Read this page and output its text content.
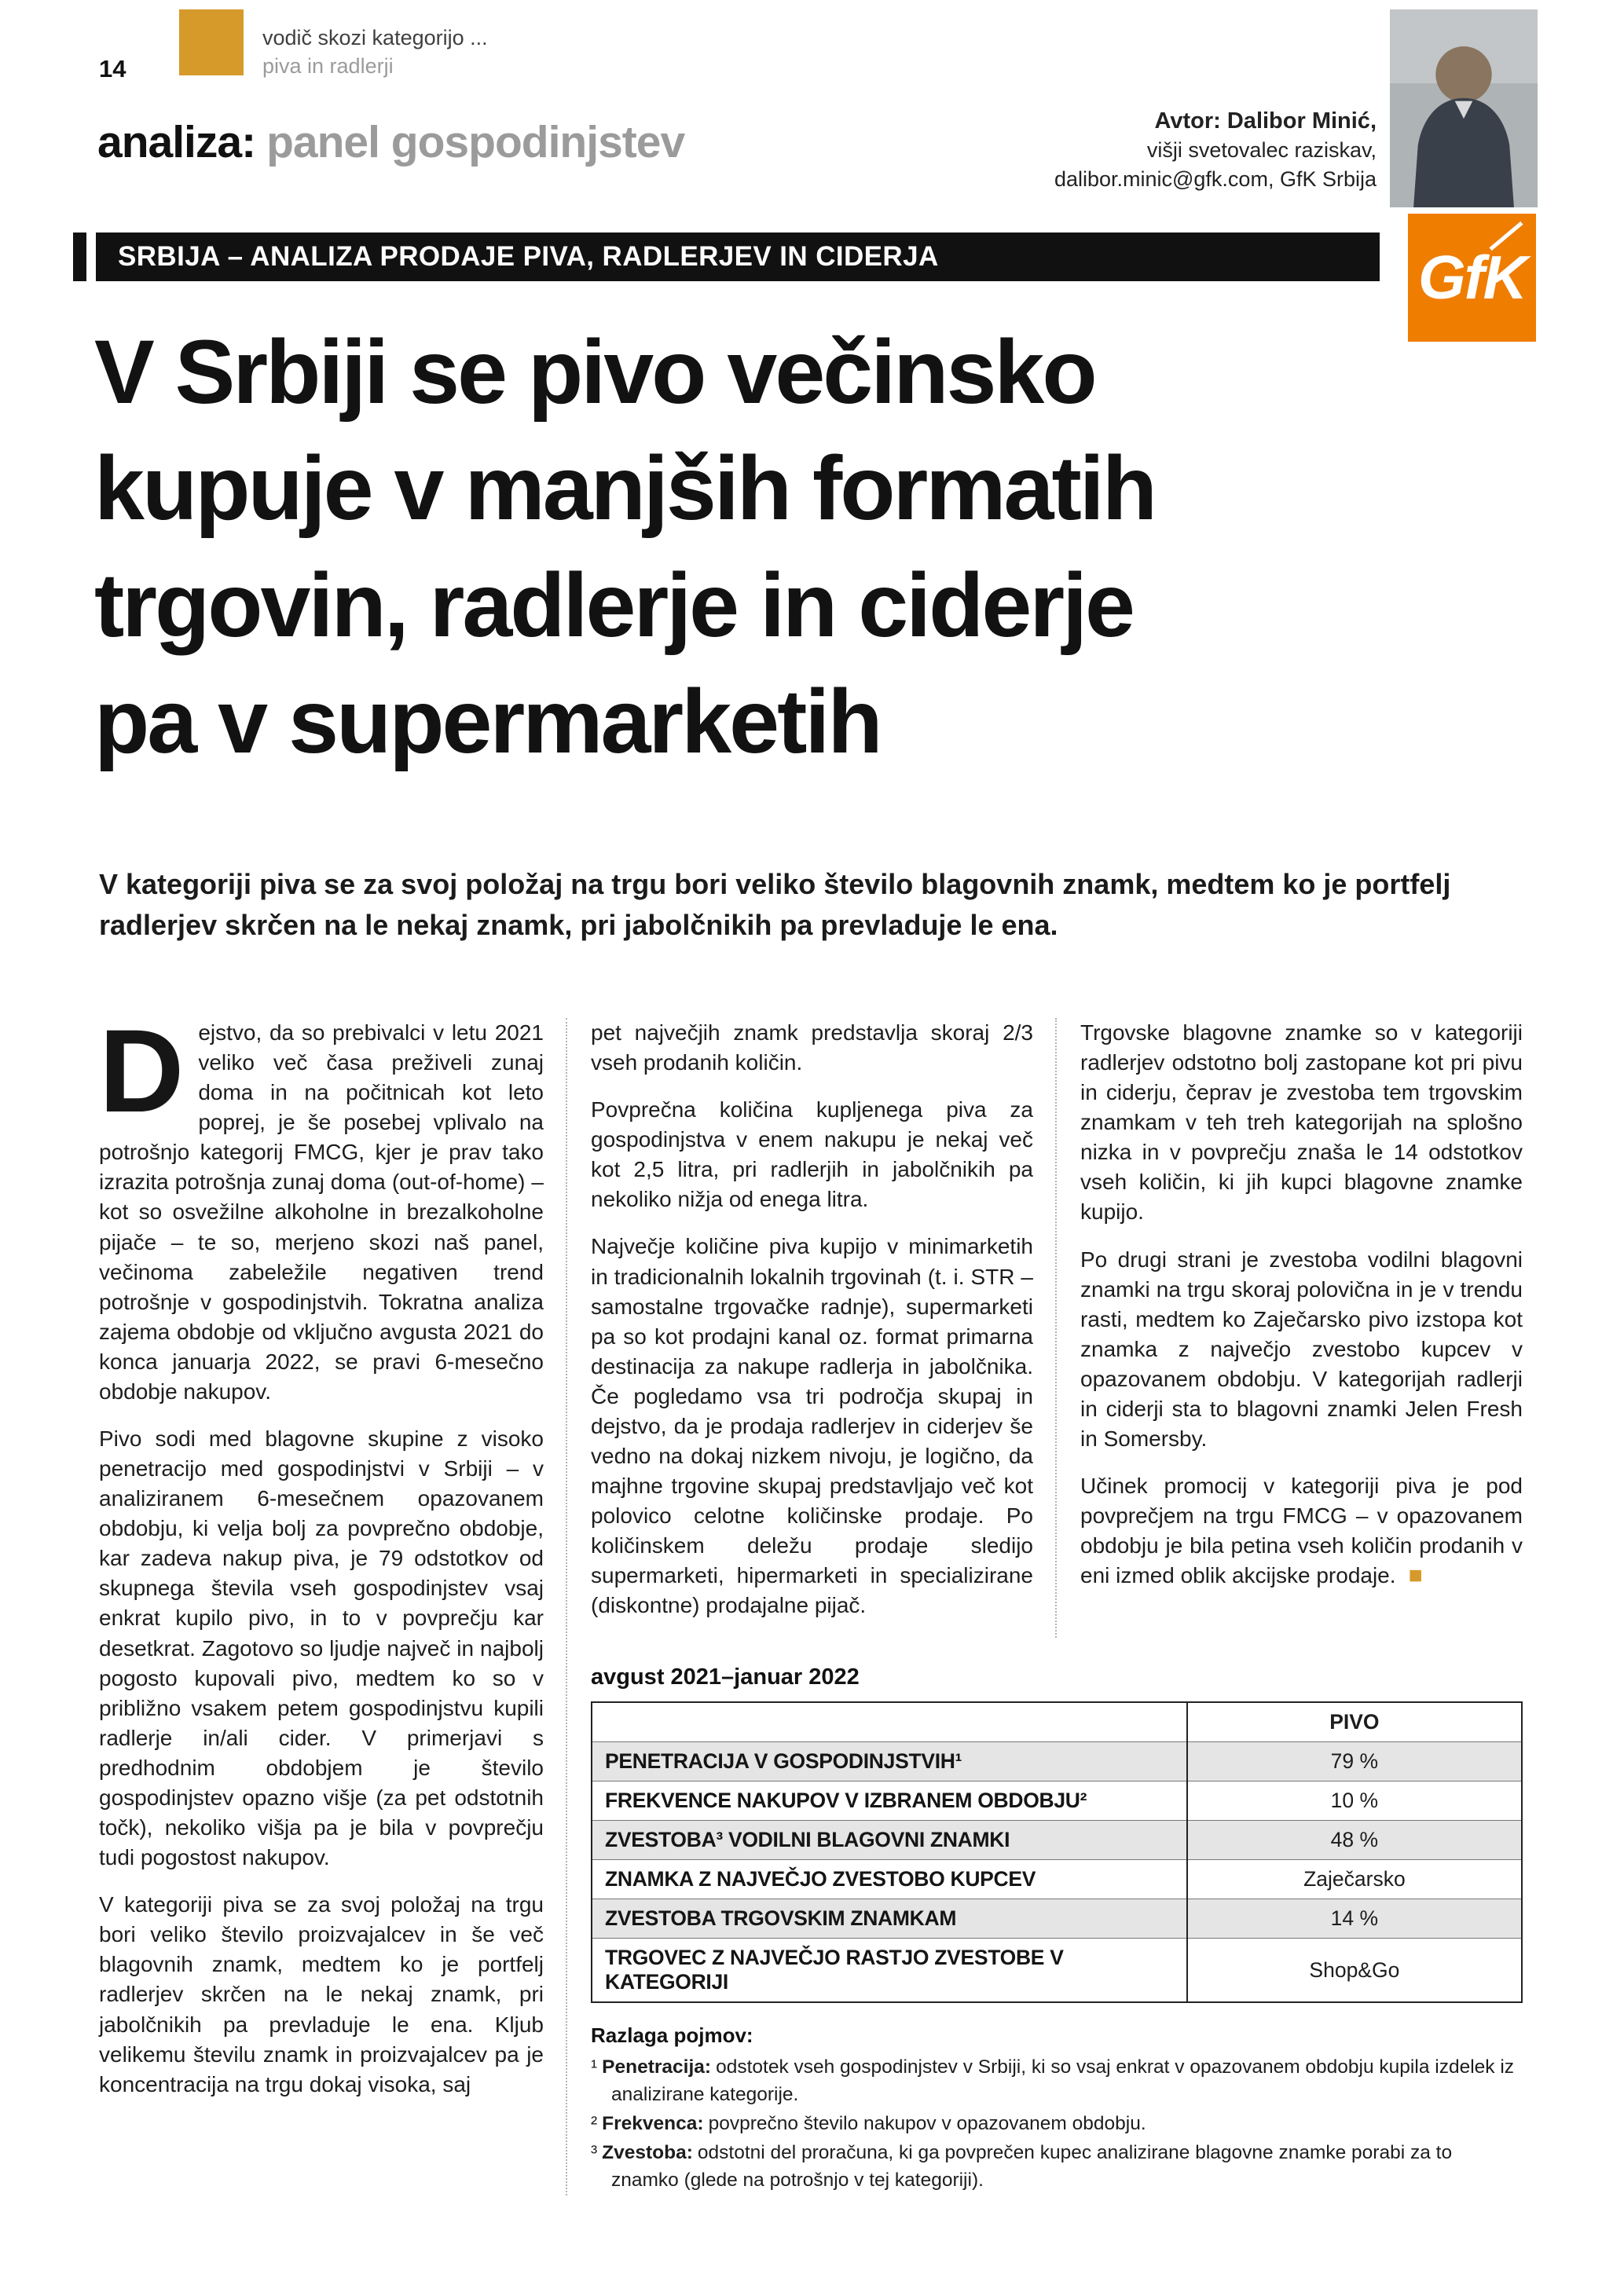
14
vodič skozi kategorijo ...
piva in radlerji
analiza: panel gospodinjstev	Avtor: Dalibor Minić,
višji svetovalec raziskav,
dalibor.minic@gfk.com, GfK Srbija
SRBIJA – ANALIZA PRODAJE PIVA, RADLERJEV IN CIDERJA	GfK
V Srbiji se pivo večinsko
kupuje v manjših formatih
trgovin, radlerje in ciderje
pa v supermarketih

V kategoriji piva se za svoj položaj na trgu bori veliko število blagovnih znamk, medtem ko je portfelj radlerjev skrčen na le nekaj znamk, pri jabolčnikih pa prevladuje le ena.

Dejstvo, da so prebivalci v letu 2021 veliko več časa preživeli zunaj doma in na počitnicah kot leto poprej, je še posebej vplivalo na potrošnjo kategorij FMCG, kjer je prav tako izrazita potrošnja zunaj doma (out-of-home) – kot so osvežilne alkoholne in brezalkoholne pijače – te so, merjeno skozi naš panel, večinoma zabeležile negativen trend potrošnje v gospodinjstvih. Tokratna analiza zajema obdobje od vključno avgusta 2021 do konca januarja 2022, se pravi 6-mesečno obdobje nakupov.

Pivo sodi med blagovne skupine z visoko penetracijo med gospodinjstvi v Srbiji – v analiziranem 6-mesečnem opazovanem obdobju, ki velja bolj za povprečno obdobje, kar zadeva nakup piva, je 79 odstotkov od skupnega števila vseh gospodinjstev vsaj enkrat kupilo pivo, in to v povprečju kar desetkrat. Zagotovo so ljudje največ in najbolj pogosto kupovali pivo, medtem ko so v približno vsakem petem gospodinjstvu kupili radlerje in/ali cider. V primerjavi s predhodnim obdobjem je število gospodinjstev opazno višje (za pet odstotnih točk), nekoliko višja pa je bila v povprečju tudi pogostost nakupov.

V kategoriji piva se za svoj položaj na trgu bori veliko število proizvajalcev in še več blagovnih znamk, medtem ko je portfelj radlerjev skrčen na le nekaj znamk, pri jabolčnikih pa prevladuje le ena. Kljub velikemu številu znamk in proizvajalcev pa je koncentracija na trgu dokaj visoka, saj

pet največjih znamk predstavlja skoraj 2/3 vseh prodanih količin.

Povprečna količina kupljenega piva za gospodinjstva v enem nakupu je nekaj več kot 2,5 litra, pri radlerjih in jabolčnikih pa nekoliko nižja od enega litra.

Največje količine piva kupijo v minimarketih in tradicionalnih lokalnih trgovinah (t. i. STR – samostalne trgovačke radnje), supermarketi pa so kot prodajni kanal oz. format primarna destinacija za nakupe radlerja in jabolčnika. Če pogledamo vsa tri področja skupaj in dejstvo, da je prodaja radlerjev in ciderjev še vedno na dokaj nizkem nivoju, je logično, da majhne trgovine skupaj predstavljajo več kot polovico celotne količinske prodaje. Po količinskem deležu prodaje sledijo supermarketi, hipermarketi in specializirane (diskontne) prodajalne pijač.

Trgovske blagovne znamke so v kategoriji radlerjev odstotno bolj zastopane kot pri pivu in ciderju, čeprav je zvestoba tem trgovskim znamkam v teh treh kategorijah na splošno nizka in v povprečju znaša le 14 odstotkov vseh količin, ki jih kupci blagovne znamke kupijo.

Po drugi strani je zvestoba vodilni blagovni znamki na trgu skoraj polovična in je v trendu rasti, medtem ko Zaječarsko pivo izstopa kot znamka z največjo zvestobo kupcev v opazovanem obdobju. V kategorijah radlerji in ciderji sta to blagovni znamki Jelen Fresh in Somersby.

Učinek promocij v kategoriji piva je pod povprečjem na trgu FMCG – v opazovanem obdobju je bila petina vseh količin prodanih v eni izmed oblik akcijske prodaje. ■

avgust 2021–januar 2022
	PIVO
PENETRACIJA V GOSPODINJSTVIH¹	79 %
FREKVENCE NAKUPOV V IZBRANEM OBDOBJU²	10 %
ZVESTOBA³ VODILNI BLAGOVNI ZNAMKI	48 %
ZNAMKA Z NAJVEČJO ZVESTOBO KUPCEV	Zaječarsko
ZVESTOBA TRGOVSKIM ZNAMKAM	14 %
TRGOVEC Z NAJVEČJO RASTJO ZVESTOBE V KATEGORIJI	Shop&Go
Razlaga pojmov:
¹ Penetracija: odstotek vseh gospodinjstev v Srbiji, ki so vsaj enkrat v opazovanem obdobju kupila izdelek iz analizirane kategorije.
² Frekvenca: povprečno število nakupov v opazovanem obdobju.
³ Zvestoba: odstotni del proračuna, ki ga povprečen kupec analizirane blagovne znamke porabi za to znamko (glede na potrošnjo v tej kategoriji).
